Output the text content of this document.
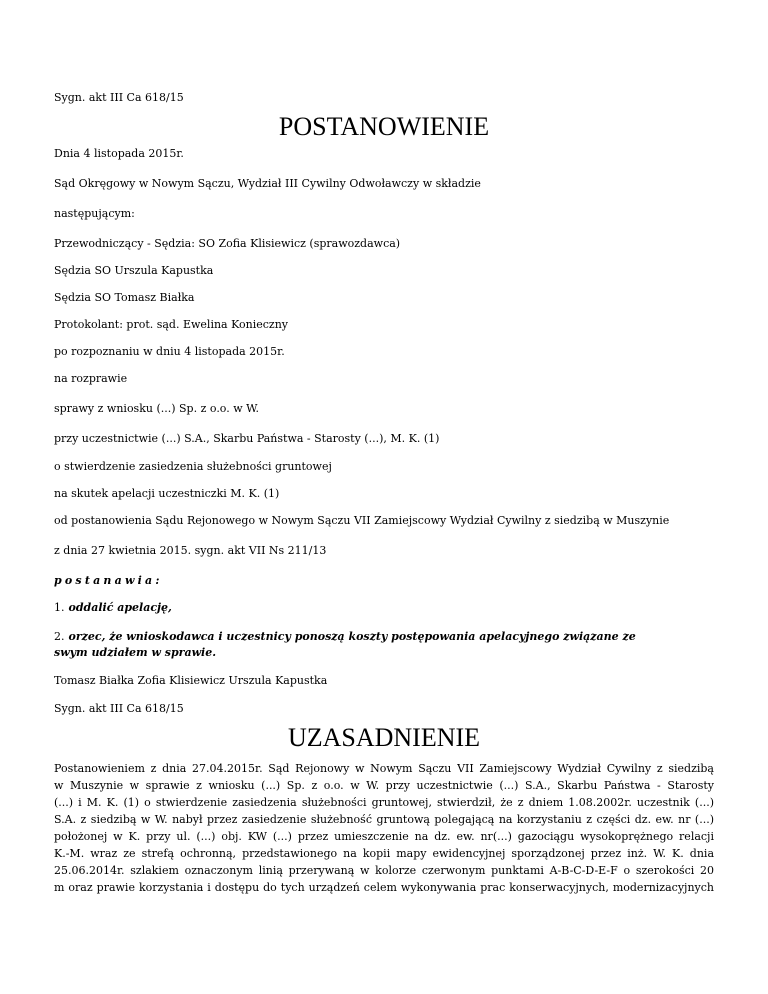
Sygn. akt III Ca 618/15
POSTANOWIENIE
Dnia 4 listopada 2015r.
Sąd Okręgowy w Nowym Sączu, Wydział III Cywilny Odwoławczy w składzie
następującym:
Przewodniczący - Sędzia: SO Zofia Klisiewicz (sprawozdawca)
Sędzia SO Urszula Kapustka
Sędzia SO Tomasz Białka
Protokolant: prot. sąd. Ewelina Konieczny
po rozpoznaniu w dniu 4 listopada 2015r.
na rozprawie
sprawy z wniosku (...) Sp. z o.o. w W.
przy uczestnictwie (...) S.A., Skarbu Państwa - Starosty (...), M. K. (1)
o stwierdzenie zasiedzenia służebności gruntowej
na skutek apelacji uczestniczki M. K. (1)
od postanowienia Sądu Rejonowego w Nowym Sączu VII Zamiejscowy Wydział Cywilny z siedzibą w Muszynie
z dnia 27 kwietnia 2015. sygn. akt VII Ns 211/13
postanawia:
1. oddalić apelację,
2. orzec, że wnioskodawca i uczestnicy ponoszą koszty postępowania apelacyjnego związane ze
swym udziałem w sprawie.
Tomasz Białka Zofia Klisiewicz Urszula Kapustka
Sygn. akt III Ca 618/15
UZASADNIENIE
Postanowieniem z dnia 27.04.2015r. Sąd Rejonowy w Nowym Sączu VII Zamiejscowy Wydział Cywilny z siedzibą
w Muszynie w sprawie z wniosku (...) Sp. z o.o. w W. przy uczestnictwie (...) S.A., Skarbu Państwa - Starosty
(...) i M. K. (1) o stwierdzenie zasiedzenia służebności gruntowej, stwierdził, że z dniem 1.08.2002r. uczestnik (...)
S.A. z siedzibą w W. nabył przez zasiedzenie służebność gruntową polegającą na korzystaniu z części dz. ew. nr (...)
położonej w K. przy ul. (...) obj. KW (...) przez umieszczenie na dz. ew. nr(...) gazociągu wysokoprężnego relacji
K.-M. wraz ze strefą ochronną, przedstawionego na kopii mapy ewidencyjnej sporządzonej przez inż. W. K. dnia
25.06.2014r. szlakiem oznaczonym linią przerywaną w kolorze czerwonym punktami A-B-C-D-E-F o szerokości 20
m oraz prawie korzystania i dostępu do tych urządzeń celem wykonywania prac konserwacyjnych, modernizacyjnych
